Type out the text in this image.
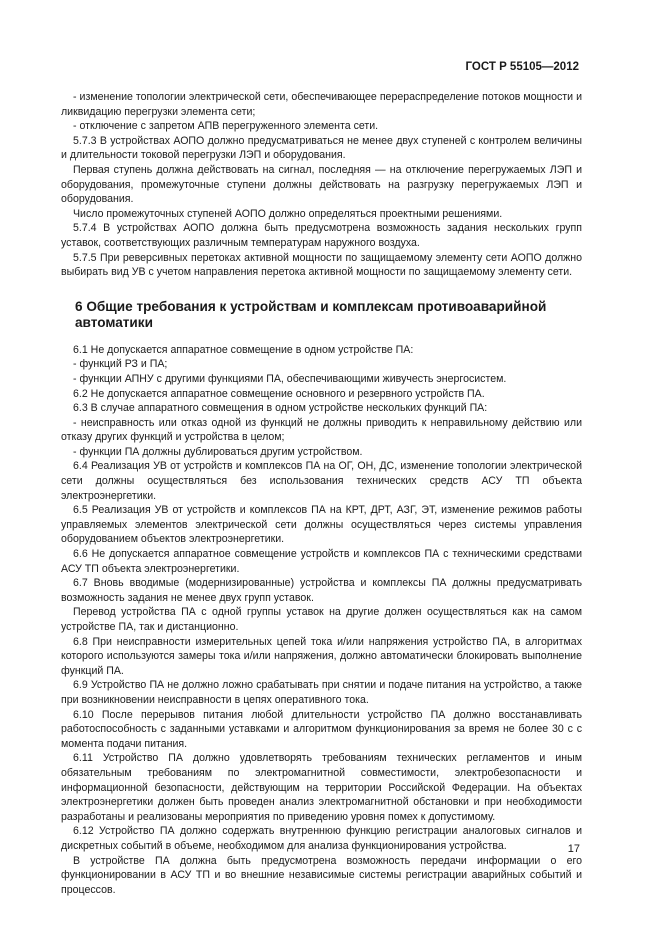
ГОСТ Р 55105—2012

- изменение топологии электрической сети, обеспечивающее перераспределение потоков мощности и ликвидацию перегрузки элемента сети;

- отключение с запретом АПВ перегруженного элемента сети.

5.7.3 В устройствах АОПО должно предусматриваться не менее двух ступеней с контролем величины и длительности токовой перегрузки ЛЭП и оборудования.

Первая ступень должна действовать на сигнал, последняя — на отключение перегружаемых ЛЭП и оборудования, промежуточные ступени должны действовать на разгрузку перегружаемых ЛЭП и оборудования.

Число промежуточных ступеней АОПО должно определяться проектными решениями.

5.7.4 В устройствах АОПО должна быть предусмотрена возможность задания нескольких групп уставок, соответствующих различным температурам наружного воздуха.

5.7.5 При реверсивных перетоках активной мощности по защищаемому элементу сети АОПО должно выбирать вид УВ с учетом направления перетока активной мощности по защищаемому элементу сети.

6 Общие требования к устройствам и комплексам противоаварийной автоматики

6.1 Не допускается аппаратное совмещение в одном устройстве ПА:

- функций РЗ и ПА;

- функции АПНУ с другими функциями ПА, обеспечивающими живучесть энергосистем.

6.2 Не допускается аппаратное совмещение основного и резервного устройств ПА.

6.3 В случае аппаратного совмещения в одном устройстве нескольких функций ПА:

- неисправность или отказ одной из функций не должны приводить к неправильному действию или отказу других функций и устройства в целом;

- функции ПА должны дублироваться другим устройством.

6.4 Реализация УВ от устройств и комплексов ПА на ОГ, ОН, ДС, изменение топологии электрической сети должны осуществляться без использования технических средств АСУ ТП объекта электроэнергетики.

6.5 Реализация УВ от устройств и комплексов ПА на КРТ, ДРТ, АЗГ, ЭТ, изменение режимов работы управляемых элементов электрической сети должны осуществляться через системы управления оборудованием объектов электроэнергетики.

6.6 Не допускается аппаратное совмещение устройств и комплексов ПА с техническими средствами АСУ ТП объекта электроэнергетики.

6.7 Вновь вводимые (модернизированные) устройства и комплексы ПА должны предусматривать возможность задания не менее двух групп уставок.

Перевод устройства ПА с одной группы уставок на другие должен осуществляться как на самом устройстве ПА, так и дистанционно.

6.8 При неисправности измерительных цепей тока и/или напряжения устройство ПА, в алгоритмах которого используются замеры тока и/или напряжения, должно автоматически блокировать выполнение функций ПА.

6.9 Устройство ПА не должно ложно срабатывать при снятии и подаче питания на устройство, а также при возникновении неисправности в цепях оперативного тока.

6.10 После перерывов питания любой длительности устройство ПА должно восстанавливать работоспособность с заданными уставками и алгоритмом функционирования за время не более 30 с с момента подачи питания.

6.11 Устройство ПА должно удовлетворять требованиям технических регламентов и иным обязательным требованиям по электромагнитной совместимости, электробезопасности и информационной безопасности, действующим на территории Российской Федерации. На объектах электроэнергетики должен быть проведен анализ электромагнитной обстановки и при необходимости разработаны и реализованы мероприятия по приведению уровня помех к допустимому.

6.12 Устройство ПА должно содержать внутреннюю функцию регистрации аналоговых сигналов и дискретных событий в объеме, необходимом для анализа функционирования устройства.

В устройстве ПА должна быть предусмотрена возможность передачи информации о его функционировании в АСУ ТП и во внешние независимые системы регистрации аварийных событий и процессов.

17
